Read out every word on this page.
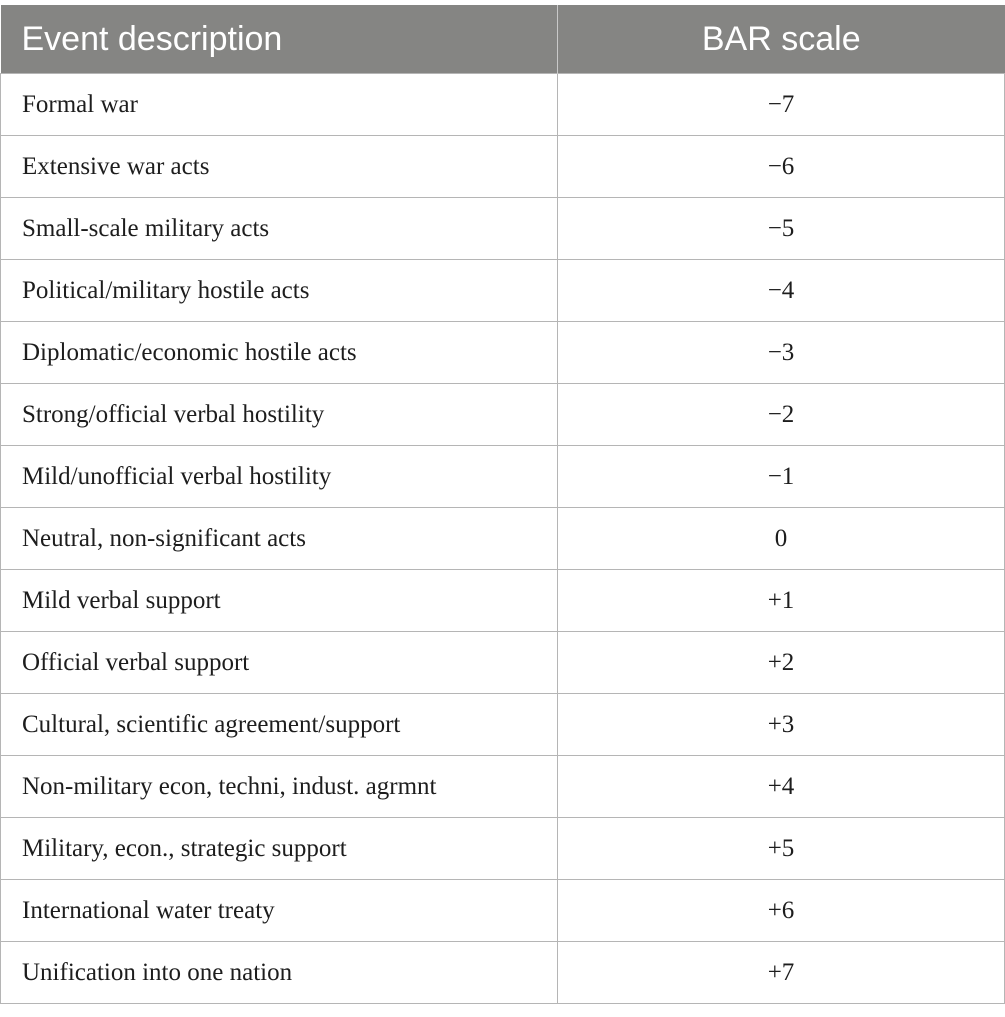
Event description	BAR scale
Formal war	−7
Extensive war acts	−6
Small-scale military acts	−5
Political/military hostile acts	−4
Diplomatic/economic hostile acts	−3
Strong/official verbal hostility	−2
Mild/unofficial verbal hostility	−1
Neutral, non-significant acts	0
Mild verbal support	+1
Official verbal support	+2
Cultural, scientific agreement/support	+3
Non-military econ, techni, indust. agrmnt	+4
Military, econ., strategic support	+5
International water treaty	+6
Unification into one nation	+7
